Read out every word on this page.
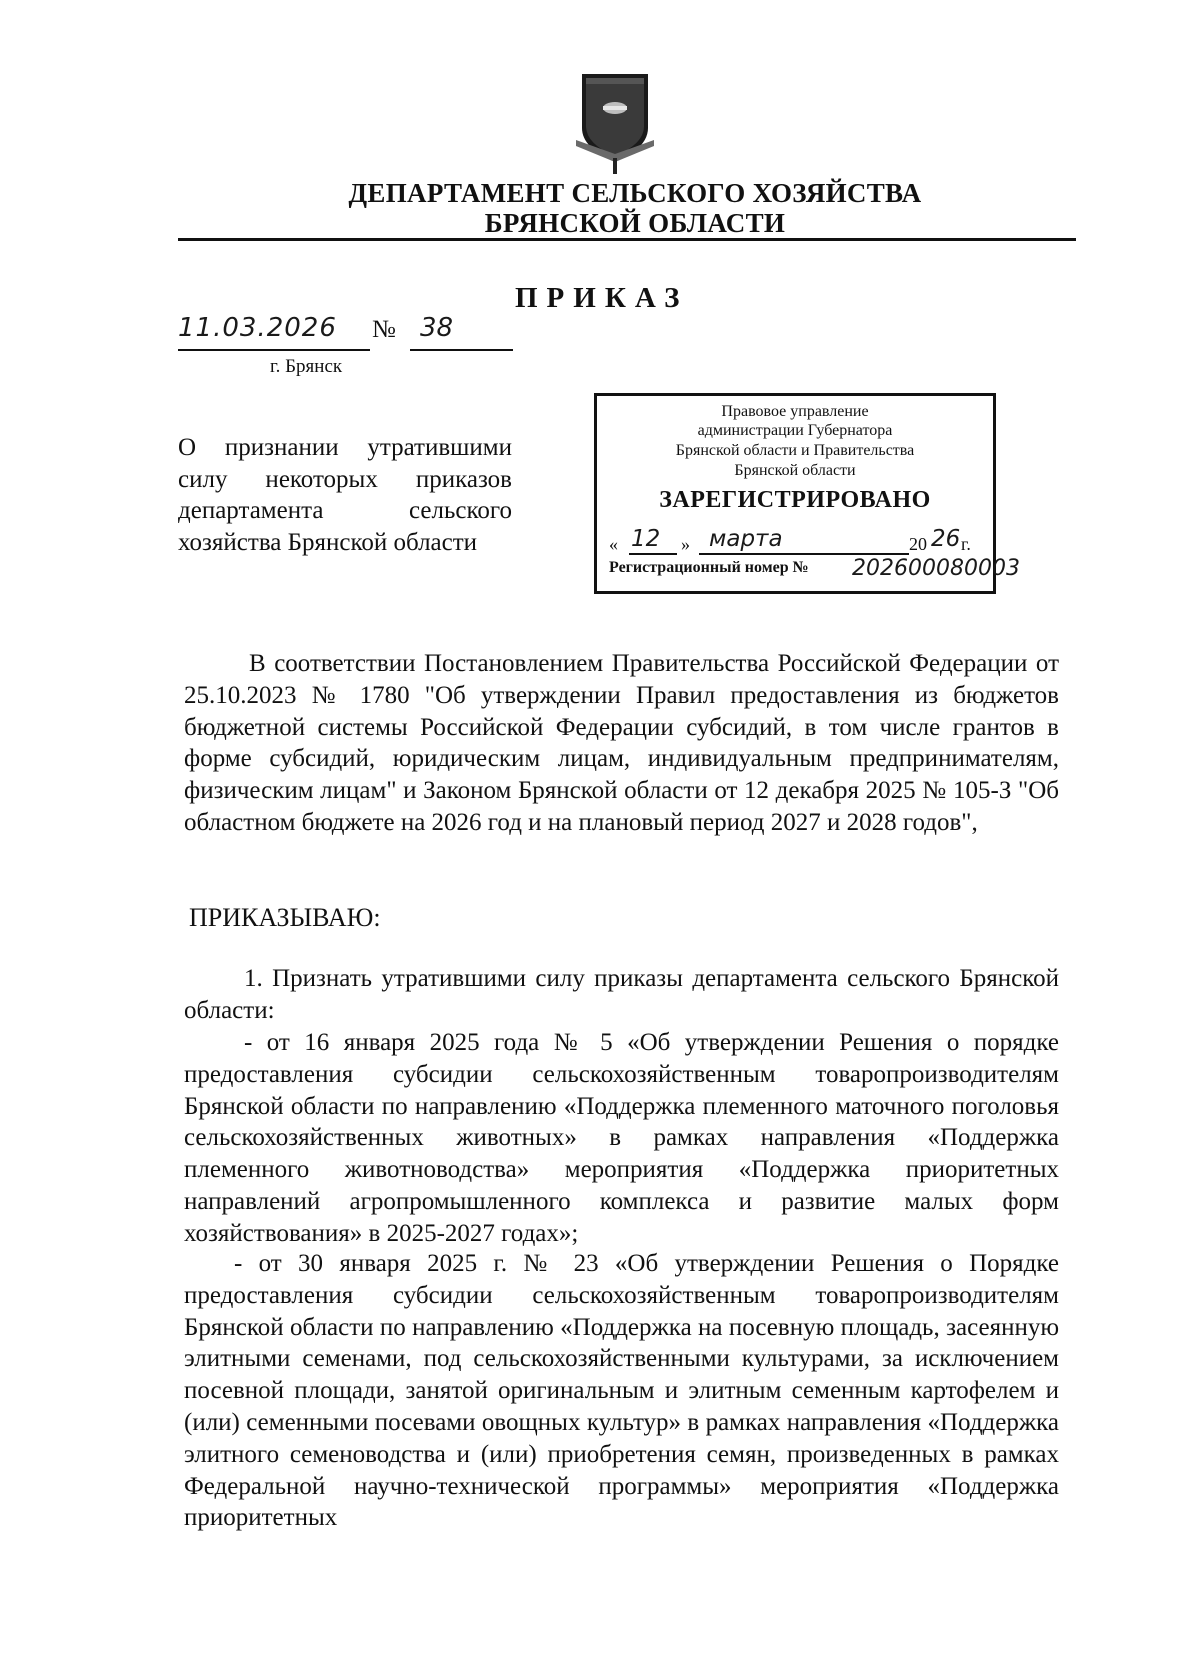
ДЕПАРТАМЕНТ СЕЛЬСКОГО ХОЗЯЙСТВА
БРЯНСКОЙ ОБЛАСТИ
ПРИКАЗ
11.03.2026 № 38
г. Брянск
О признании утратившими силу некоторых приказов департамента сельского хозяйства Брянской области
Правовое управление
администрации Губернатора
Брянской области и Правительства
Брянской области
ЗАРЕГИСТРИРОВАНО
« 12 » марта	20 26 г.
Регистрационный номер № 202600080003
В соответствии Постановлением Правительства Российской Федерации от 25.10.2023 № 1780 "Об утверждении Правил предоставления из бюджетов бюджетной системы Российской Федерации субсидий, в том числе грантов в форме субсидий, юридическим лицам, индивидуальным предпринимателям, физическим лицам" и Законом Брянской области от 12 декабря 2025 № 105-З "Об областном бюджете на 2026 год и на плановый период 2027 и 2028 годов",
ПРИКАЗЫВАЮ:
1. Признать утратившими силу приказы департамента сельского Брянской области:
- от 16 января 2025 года № 5 «Об утверждении Решения о порядке предоставления субсидии сельскохозяйственным товаропроизводителям Брянской области по направлению «Поддержка племенного маточного поголовья сельскохозяйственных животных» в рамках направления «Поддержка племенного животноводства» мероприятия «Поддержка приоритетных направлений агропромышленного комплекса и развитие малых форм хозяйствования» в 2025-2027 годах»;
- от 30 января 2025 г. № 23 «Об утверждении Решения о Порядке предоставления субсидии сельскохозяйственным товаропроизводителям Брянской области по направлению «Поддержка на посевную площадь, засеянную элитными семенами, под сельскохозяйственными культурами, за исключением посевной площади, занятой оригинальным и элитным семенным картофелем и (или) семенными посевами овощных культур» в рамках направления «Поддержка элитного семеноводства и (или) приобретения семян, произведенных в рамках Федеральной научно-технической программы» мероприятия «Поддержка приоритетных
